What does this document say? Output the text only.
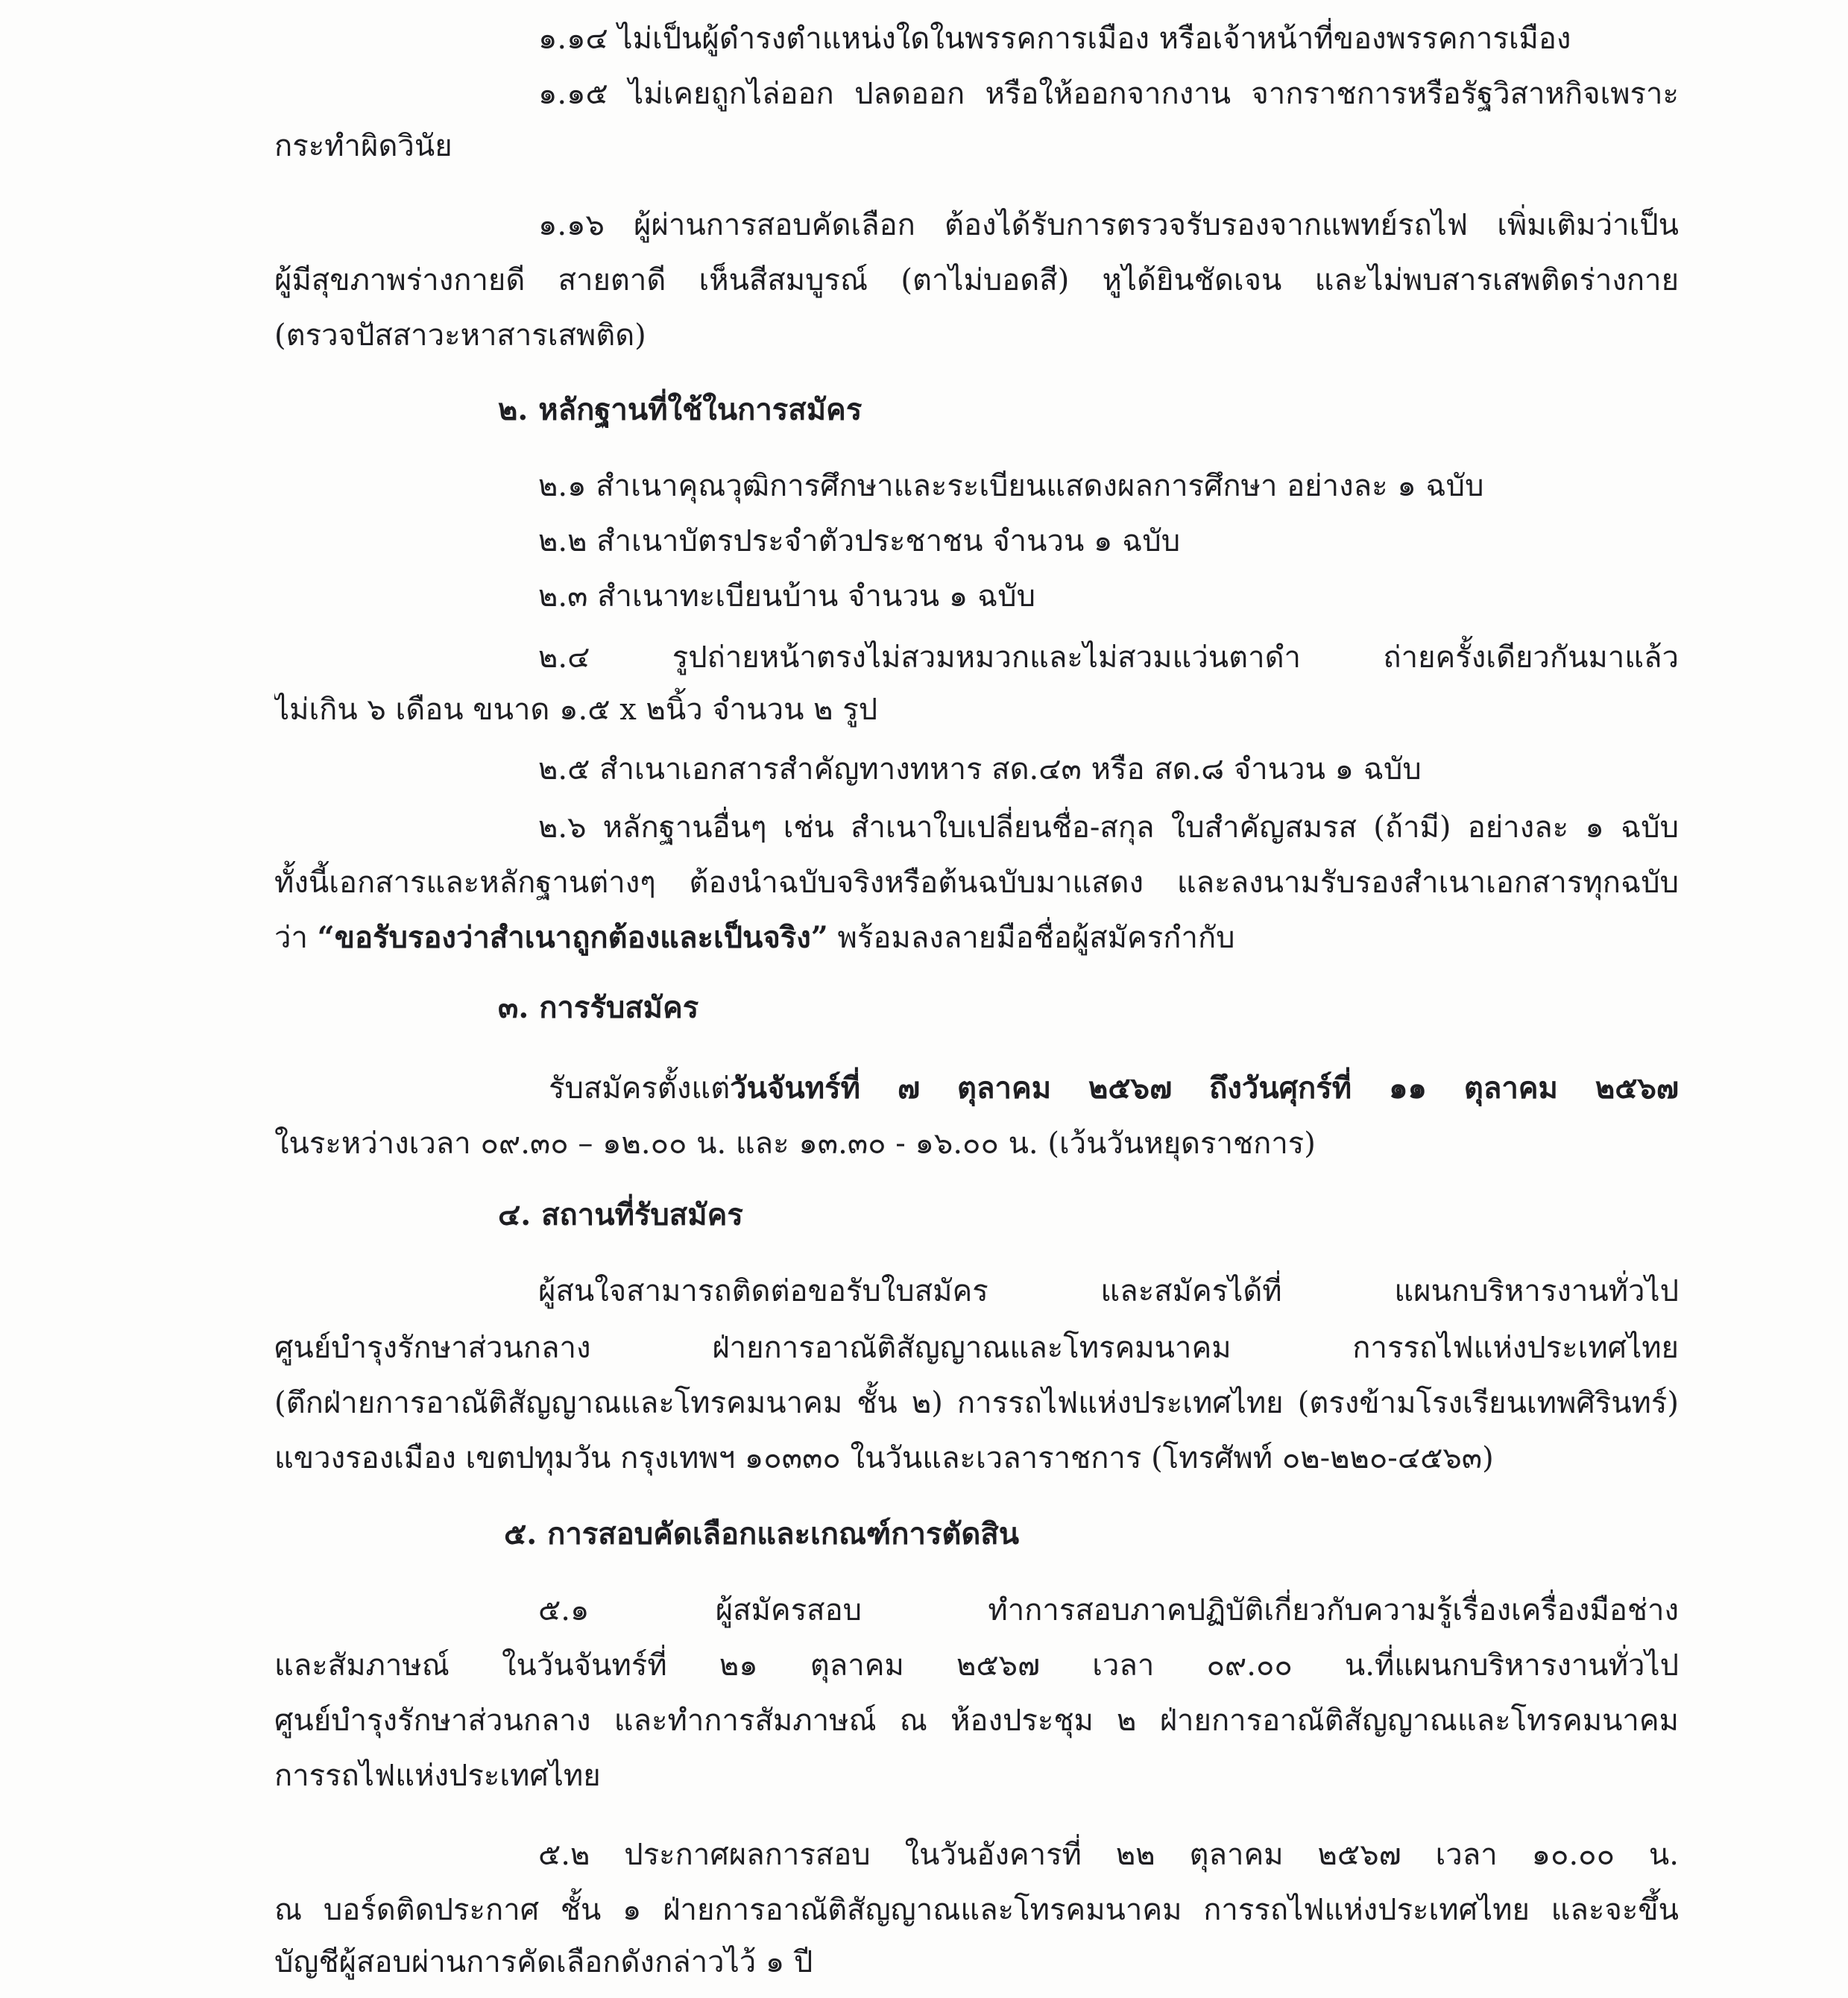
๑.๑๔ ไม่เป็นผู้ดำรงตำแหน่งใดในพรรคการเมือง หรือเจ้าหน้าที่ของพรรคการเมือง
๑.๑๕ ไม่เคยถูกไล่ออก ปลดออก หรือให้ออกจากงาน จากราชการหรือรัฐวิสาหกิจเพราะ
กระทำผิดวินัย
๑.๑๖ ผู้ผ่านการสอบคัดเลือก ต้องได้รับการตรวจรับรองจากแพทย์รถไฟ เพิ่มเติมว่าเป็น
ผู้มีสุขภาพร่างกายดี สายตาดี เห็นสีสมบูรณ์ (ตาไม่บอดสี) หูได้ยินชัดเจน และไม่พบสารเสพติดร่างกาย
(ตรวจปัสสาวะหาสารเสพติด)
๒. หลักฐานที่ใช้ในการสมัคร
๒.๑ สำเนาคุณวุฒิการศึกษาและระเบียนแสดงผลการศึกษา อย่างละ ๑ ฉบับ
๒.๒ สำเนาบัตรประจำตัวประชาชน จำนวน ๑ ฉบับ
๒.๓ สำเนาทะเบียนบ้าน จำนวน ๑ ฉบับ
๒.๔ รูปถ่ายหน้าตรงไม่สวมหมวกและไม่สวมแว่นตาดำ ถ่ายครั้งเดียวกันมาแล้ว
ไม่เกิน ๖ เดือน ขนาด ๑.๕ x ๒นิ้ว จำนวน ๒ รูป
๒.๕ สำเนาเอกสารสำคัญทางทหาร สด.๔๓ หรือ สด.๘ จำนวน ๑ ฉบับ
๒.๖ หลักฐานอื่นๆ เช่น สำเนาใบเปลี่ยนชื่อ-สกุล ใบสำคัญสมรส (ถ้ามี) อย่างละ ๑ ฉบับ
ทั้งนี้เอกสารและหลักฐานต่างๆ ต้องนำฉบับจริงหรือต้นฉบับมาแสดง และลงนามรับรองสำเนาเอกสารทุกฉบับ
ว่า “ขอรับรองว่าสำเนาถูกต้องและเป็นจริง” พร้อมลงลายมือชื่อผู้สมัครกำกับ
๓. การรับสมัคร
รับสมัครตั้งแต่วันจันทร์ที่ ๗ ตุลาคม ๒๕๖๗ ถึงวันศุกร์ที่ ๑๑ ตุลาคม ๒๕๖๗
ในระหว่างเวลา ๐๙.๓๐ – ๑๒.๐๐ น. และ ๑๓.๓๐ - ๑๖.๐๐ น. (เว้นวันหยุดราชการ)
๔. สถานที่รับสมัคร
ผู้สนใจสามารถติดต่อขอรับใบสมัคร และสมัครได้ที่ แผนกบริหารงานทั่วไป
ศูนย์บำรุงรักษาส่วนกลาง ฝ่ายการอาณัติสัญญาณและโทรคมนาคม การรถไฟแห่งประเทศไทย
(ตึกฝ่ายการอาณัติสัญญาณและโทรคมนาคม ชั้น ๒) การรถไฟแห่งประเทศไทย (ตรงข้ามโรงเรียนเทพศิรินทร์)
แขวงรองเมือง เขตปทุมวัน กรุงเทพฯ ๑๐๓๓๐ ในวันและเวลาราชการ (โทรศัพท์ ๐๒-๒๒๐-๔๕๖๓)
๕. การสอบคัดเลือกและเกณฑ์การตัดสิน
๕.๑ ผู้สมัครสอบ ทำการสอบภาคปฏิบัติเกี่ยวกับความรู้เรื่องเครื่องมือช่าง
และสัมภาษณ์ ในวันจันทร์ที่ ๒๑ ตุลาคม ๒๕๖๗ เวลา ๐๙.๐๐ น.ที่แผนกบริหารงานทั่วไป
ศูนย์บำรุงรักษาส่วนกลาง และทำการสัมภาษณ์ ณ ห้องประชุม ๒ ฝ่ายการอาณัติสัญญาณและโทรคมนาคม
การรถไฟแห่งประเทศไทย
๕.๒ ประกาศผลการสอบ ในวันอังคารที่ ๒๒ ตุลาคม ๒๕๖๗ เวลา ๑๐.๐๐ น.
ณ บอร์ดติดประกาศ ชั้น ๑ ฝ่ายการอาณัติสัญญาณและโทรคมนาคม การรถไฟแห่งประเทศไทย และจะขึ้น
บัญชีผู้สอบผ่านการคัดเลือกดังกล่าวไว้ ๑ ปี
